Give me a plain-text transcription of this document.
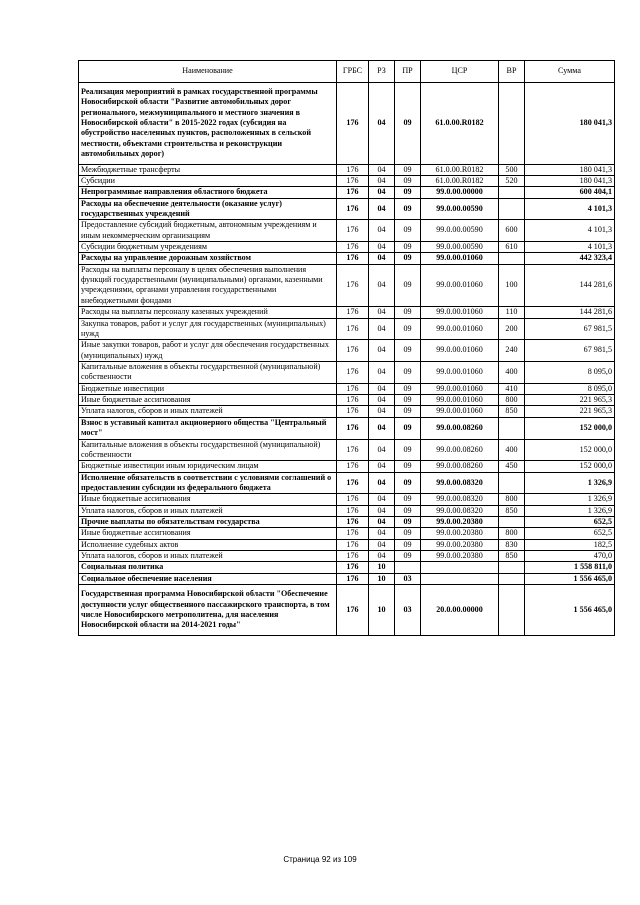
Наименование	ГРБС	РЗ	ПР	ЦСР	ВР	Сумма
Реализация мероприятий в рамках государственной программы Новосибирской области "Развитие автомобильных дорог регионального, межмуниципального и местного значения в Новосибирской области" в 2015-2022 годах (субсидия на обустройство населенных пунктов, расположенных в сельской местности, объектами строительства и реконструкции автомобильных дорог)	176	04	09	61.0.00.R0182		180 041,3
Межбюджетные трансферты	176	04	09	61.0.00.R0182	500	180 041,3
Субсидии	176	04	09	61.0.00.R0182	520	180 041,3
Непрограммные направления областного бюджета	176	04	09	99.0.00.00000		600 404,1
Расходы на обеспечение деятельности (оказание услуг) государственных учреждений	176	04	09	99.0.00.00590		4 101,3
Предоставление субсидий бюджетным, автономным учреждениям и иным некоммерческим организациям	176	04	09	99.0.00.00590	600	4 101,3
Субсидии бюджетным учреждениям	176	04	09	99.0.00.00590	610	4 101,3
Расходы на управление дорожным хозяйством	176	04	09	99.0.00.01060		442 323,4
Расходы на выплаты персоналу в целях обеспечения выполнения функций государственными (муниципальными) органами, казенными учреждениями, органами управления государственными внебюджетными фондами	176	04	09	99.0.00.01060	100	144 281,6
Расходы на выплаты персоналу казенных учреждений	176	04	09	99.0.00.01060	110	144 281,6
Закупка товаров, работ и услуг для государственных (муниципальных) нужд	176	04	09	99.0.00.01060	200	67 981,5
Иные закупки товаров, работ и услуг для обеспечения государственных (муниципальных) нужд	176	04	09	99.0.00.01060	240	67 981,5
Капитальные вложения в объекты государственной (муниципальной) собственности	176	04	09	99.0.00.01060	400	8 095,0
Бюджетные инвестиции	176	04	09	99.0.00.01060	410	8 095,0
Иные бюджетные ассигнования	176	04	09	99.0.00.01060	800	221 965,3
Уплата налогов, сборов и иных платежей	176	04	09	99.0.00.01060	850	221 965,3
Взнос в уставный капитал акционерного общества "Центральный мост"	176	04	09	99.0.00.08260		152 000,0
Капитальные вложения в объекты государственной (муниципальной) собственности	176	04	09	99.0.00.08260	400	152 000,0
Бюджетные инвестиции иным юридическим лицам	176	04	09	99.0.00.08260	450	152 000,0
Исполнение обязательств в соответствии с условиями соглашений о предоставлении субсидии из федерального бюджета	176	04	09	99.0.00.08320		1 326,9
Иные бюджетные ассигнования	176	04	09	99.0.00.08320	800	1 326,9
Уплата налогов, сборов и иных платежей	176	04	09	99.0.00.08320	850	1 326,9
Прочие выплаты по обязательствам государства	176	04	09	99.0.00.20380		652,5
Иные бюджетные ассигнования	176	04	09	99.0.00.20380	800	652,5
Исполнение судебных актов	176	04	09	99.0.00.20380	830	182,5
Уплата налогов, сборов и иных платежей	176	04	09	99.0.00.20380	850	470,0
Социальная политика	176	10				1 558 811,0
Социальное обеспечение населения	176	10	03			1 556 465,0
Государственная программа Новосибирской области "Обеспечение доступности услуг общественного пассажирского транспорта, в том числе Новосибирского метрополитена, для населения Новосибирской области на 2014-2021 годы"	176	10	03	20.0.00.00000		1 556 465,0
Страница 92 из 109
